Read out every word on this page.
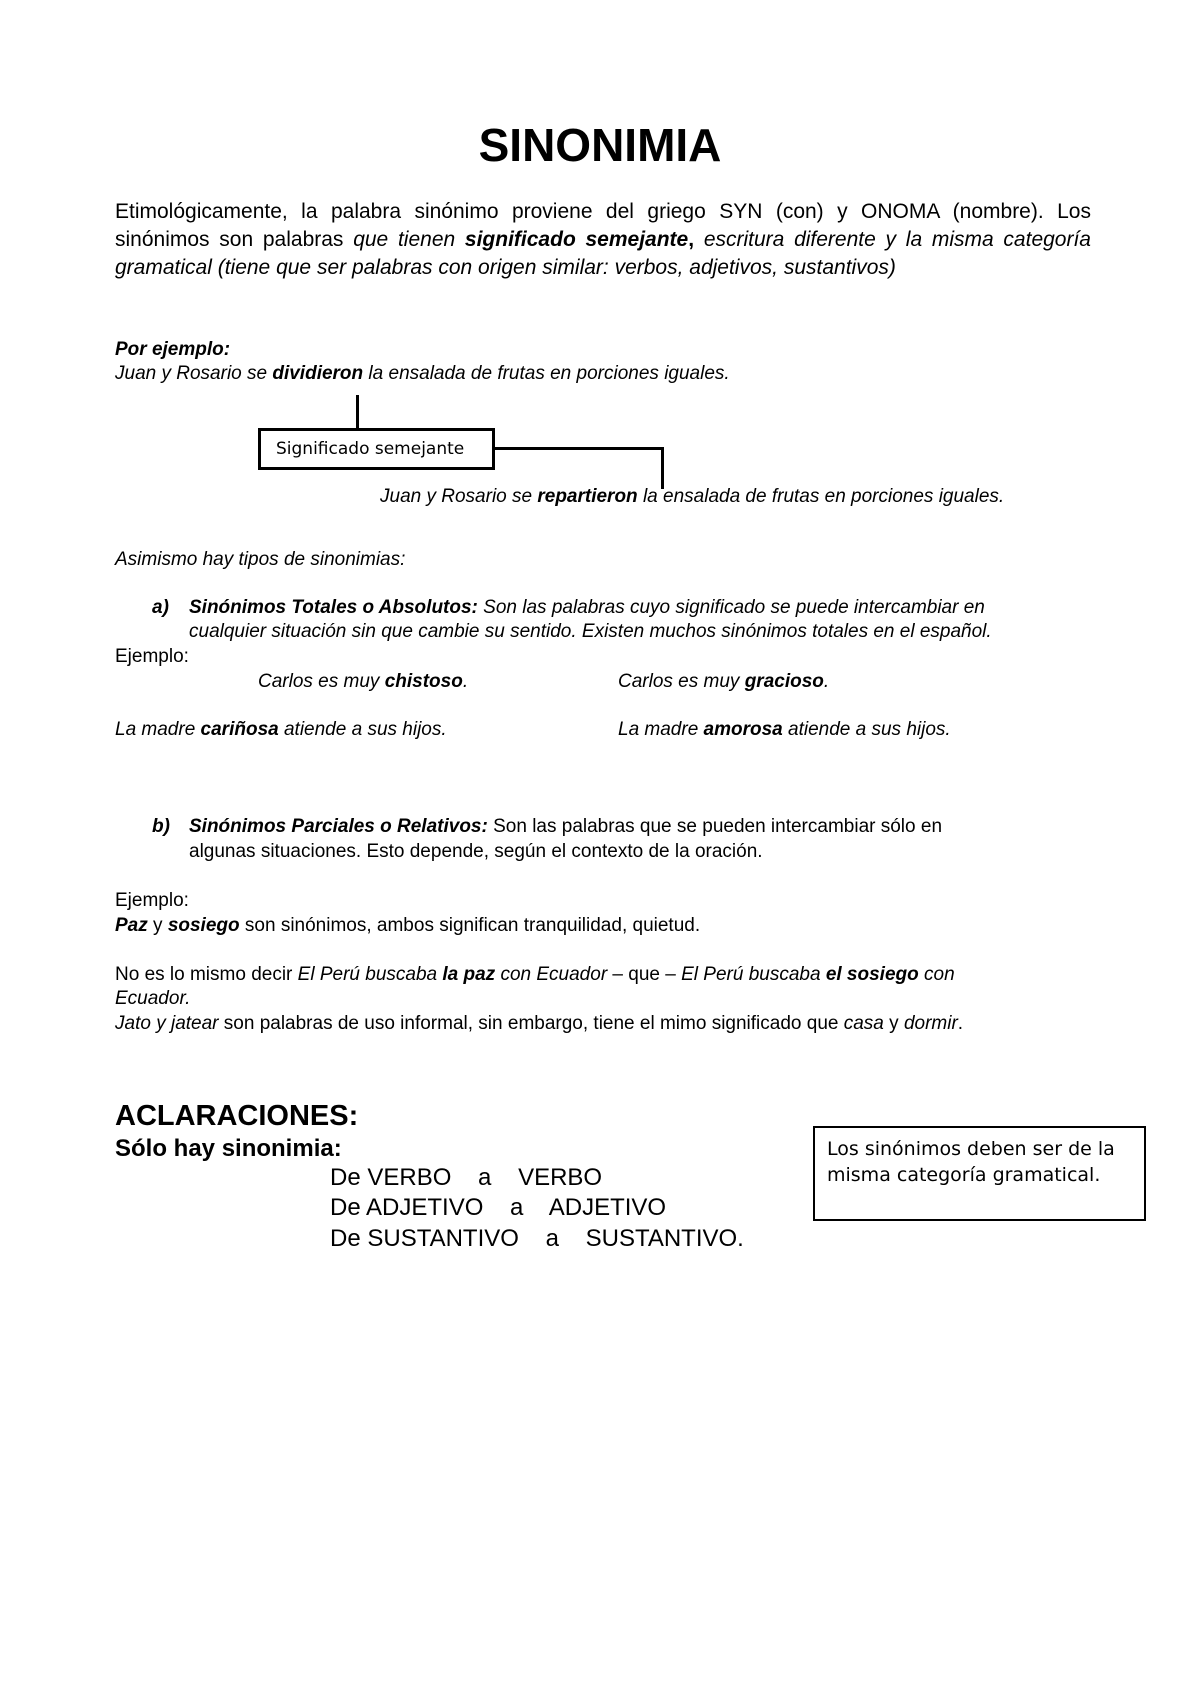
SINONIMIA
Etimológicamente, la palabra sinónimo proviene del griego SYN (con) y ONOMA (nombre). Los sinónimos son palabras que tienen significado semejante, escritura diferente y la misma categoría gramatical (tiene que ser palabras con origen similar: verbos, adjetivos, sustantivos)
Por ejemplo:
Juan y Rosario se dividieron la ensalada de frutas en porciones iguales.
Significado semejante
Juan y Rosario se repartieron la ensalada de frutas en porciones iguales.
Asimismo hay tipos de sinonimias:
a) Sinónimos Totales o Absolutos: Son las palabras cuyo significado se puede intercambiar en
cualquier situación sin que cambie su sentido. Existen muchos sinónimos totales en el español.
Ejemplo:
Carlos es muy chistoso.	Carlos es muy gracioso.
La madre cariñosa atiende a sus hijos.	La madre amorosa atiende a sus hijos.
b) Sinónimos Parciales o Relativos: Son las palabras que se pueden intercambiar sólo en
algunas situaciones. Esto depende, según el contexto de la oración.
Ejemplo:
Paz y sosiego son sinónimos, ambos significan tranquilidad, quietud.
No es lo mismo decir El Perú buscaba la paz con Ecuador – que – El Perú buscaba el sosiego con
Ecuador.
Jato y jatear son palabras de uso informal, sin embargo, tiene el mimo significado que casa y dormir.
ACLARACIONES:
Sólo hay sinonimia:
De VERBO    a    VERBO
De ADJETIVO    a    ADJETIVO
De SUSTANTIVO    a    SUSTANTIVO.
Los sinónimos deben ser de la misma categoría gramatical.
